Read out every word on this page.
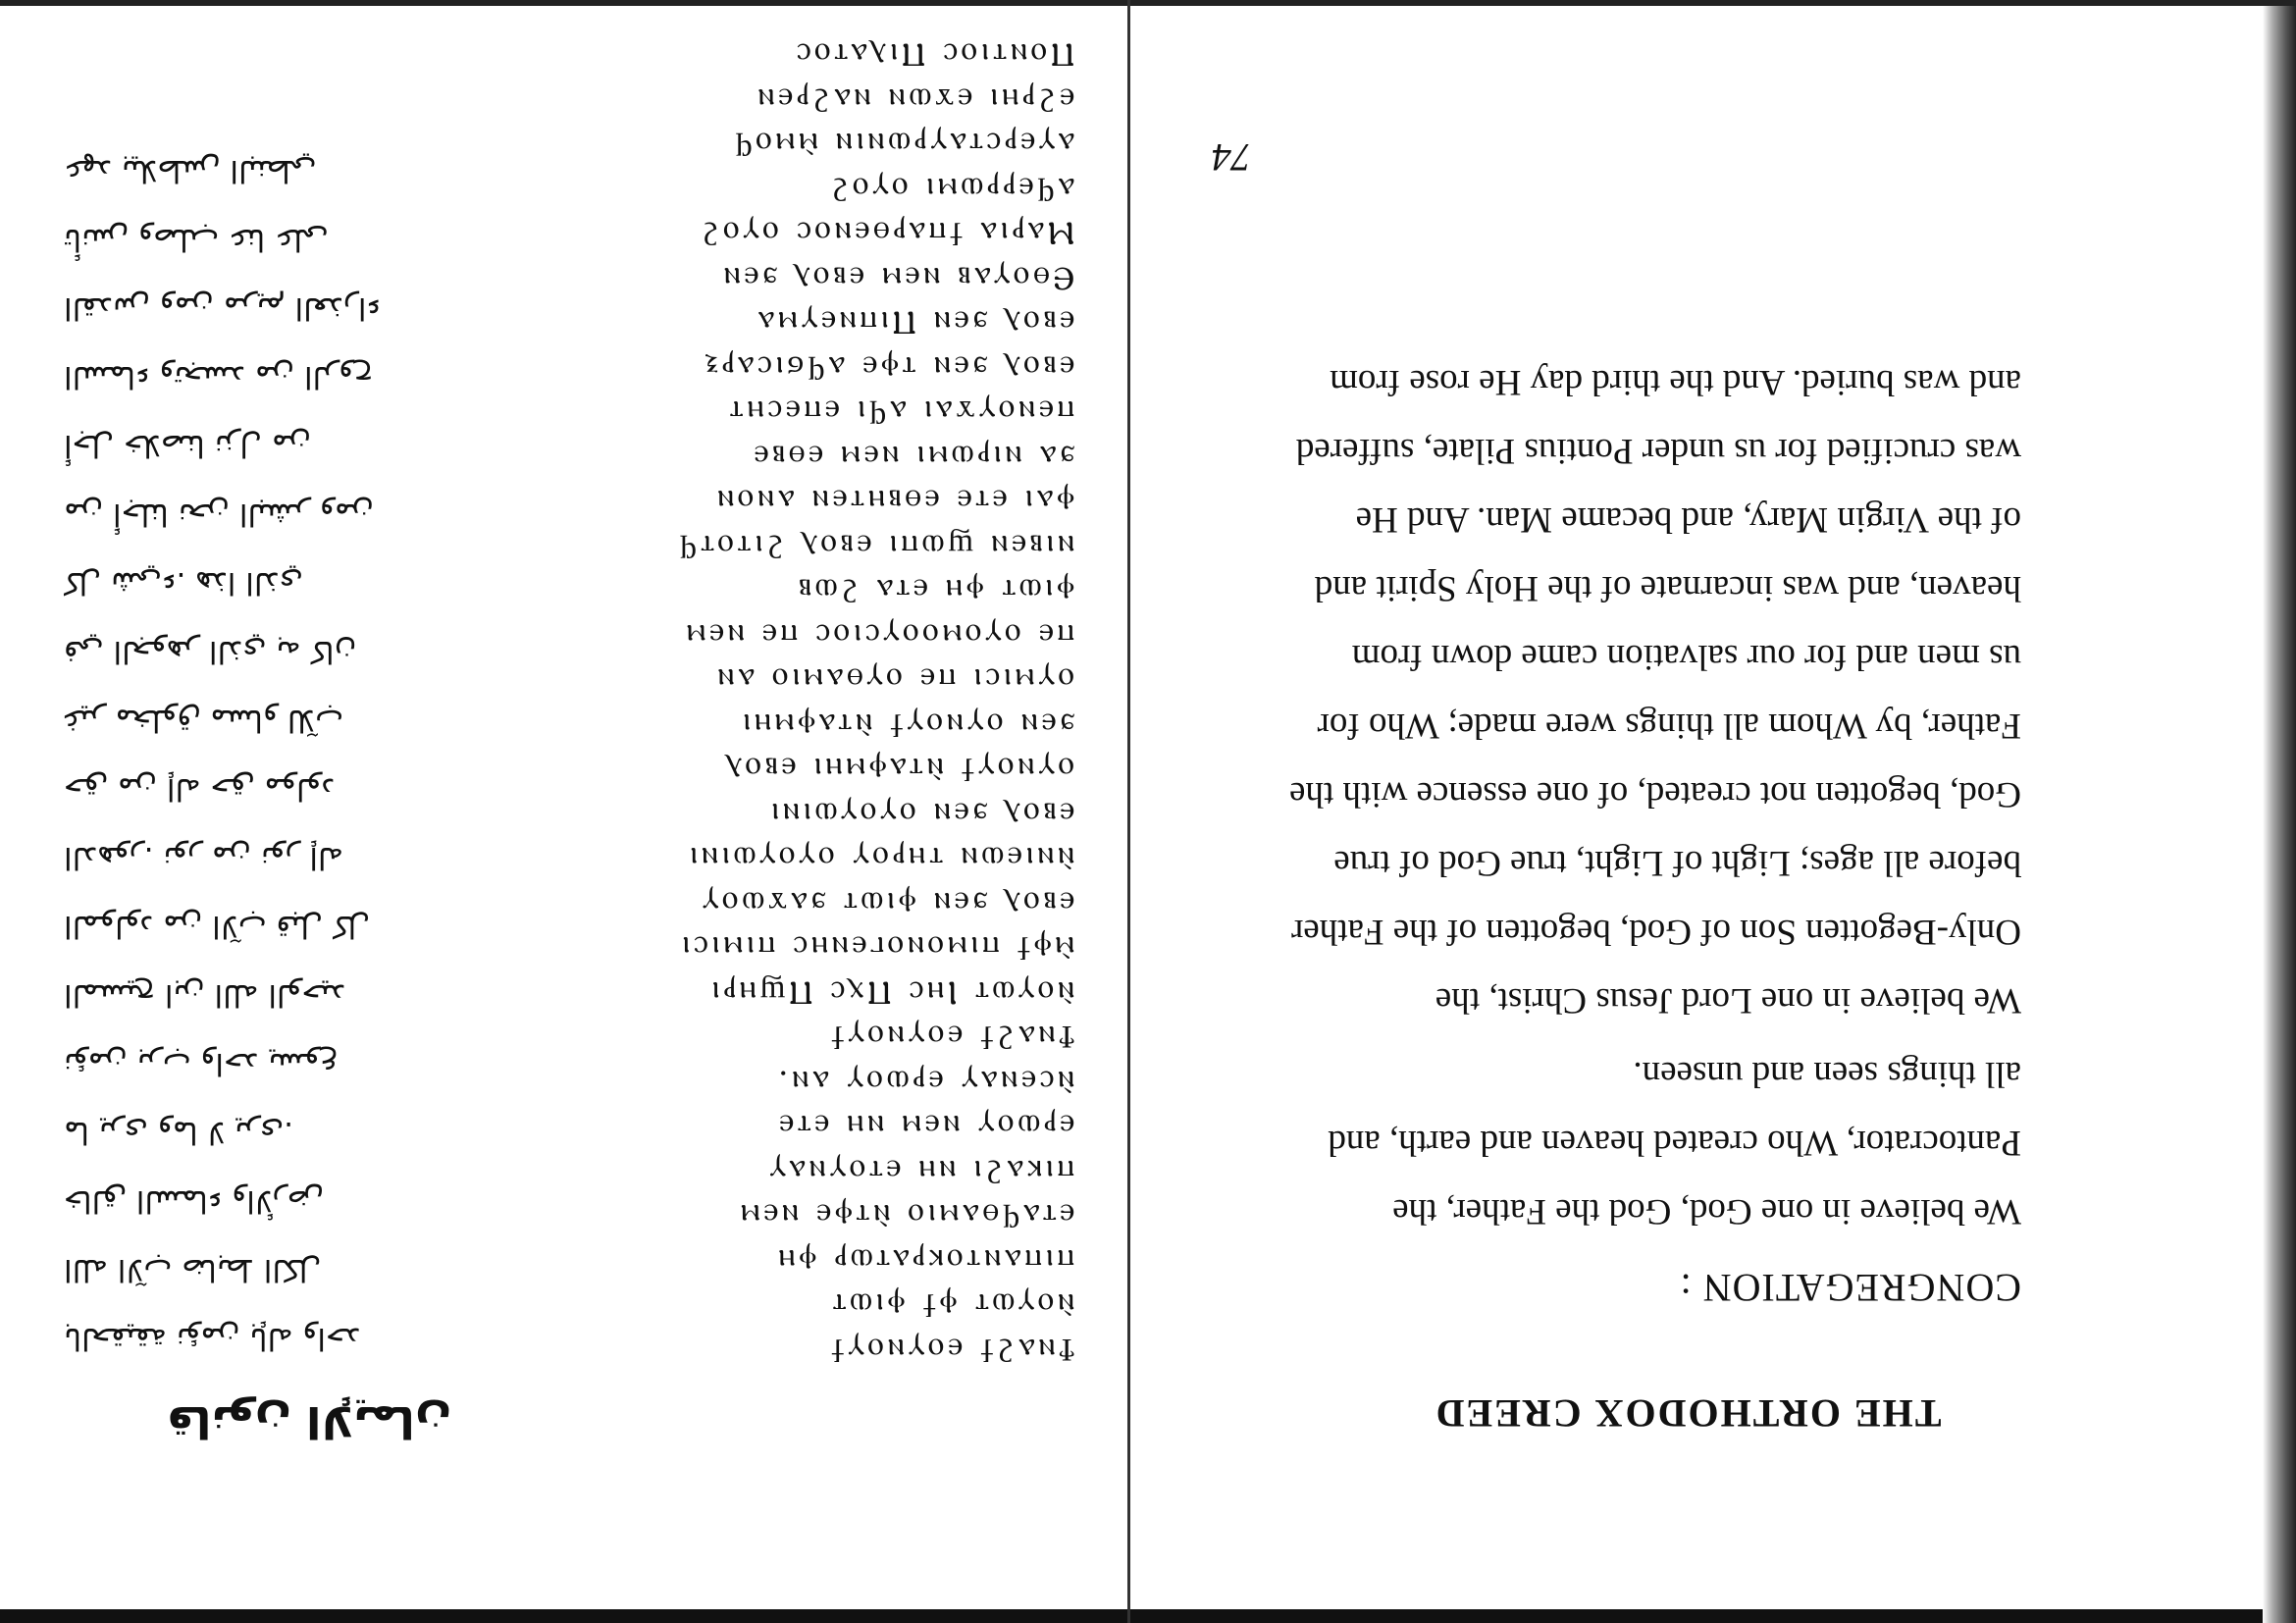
THE ORTHODOX CREED
CONGREGATION :
We believe in one God, God the Father, the
Pantocrator, Who created heaven and earth, and
all things seen and unseen.
We believe in one Lord Jesus Christ, the
Only-Begotten Son of God, begotten of the Father
before all ages; Light of Light, true God of true
God, begotten not created, of one essence with the
Father, by Whom all things were made; Who for
us men and for our salvation came down from
heaven, and was incarnate of the Holy Spirit and
of the Virgin Mary, and became Man. And He
was crucified for us under Pontius Pilate, suffered
and was buried. And the third day He rose from
74
قانون الإيمان
Ϯⲛⲁϩϯ ⲉⲟⲩⲛⲟⲩϯ
ⲛ̀ⲟⲩⲱⲧ ⲫϯ ⲫⲓⲱⲧ
ⲡⲓⲡⲁⲛⲧⲟⲕⲣⲁⲧⲱⲣ ⲫⲏ
ⲉⲧⲁϥⲑⲁⲙⲓⲟ ⲛ̀ⲧⲫⲉ ⲛⲉⲙ
ⲡⲓⲕⲁϩⲓ ⲛⲏ ⲉⲧⲟⲩⲛⲁⲩ
ⲉⲣⲱⲟⲩ ⲛⲉⲙ ⲛⲏ ⲉⲧⲉ
ⲛ̀ⲥⲉⲛⲁⲩ ⲉⲣⲱⲟⲩ ⲁⲛ.
Ϯⲛⲁϩϯ ⲉⲟⲩⲛⲟⲩϯ
ⲛ̀ⲟⲩⲱⲧ Ⲓⲏⲥ Ⲡⲭⲥ Ⲡϣⲏⲣⲓ
ⲙ̀ⲫϯ ⲡⲓⲙⲟⲛⲟⲅⲉⲛⲏⲥ ⲡⲓⲙⲓⲥⲓ
ⲉⲃⲟⲗ ϧⲉⲛ ⲫⲓⲱⲧ ϧⲁϫⲱⲟⲩ
ⲛ̀ⲛⲓⲉⲱⲛ ⲧⲏⲣⲟⲩ ⲟⲩⲟⲩⲱⲓⲛⲓ
ⲉⲃⲟⲗ ϧⲉⲛ ⲟⲩⲟⲩⲱⲓⲛⲓ
ⲟⲩⲛⲟⲩϯ ⲛ̀ⲧⲁⲫⲙⲏⲓ ⲉⲃⲟⲗ
ϧⲉⲛ ⲟⲩⲛⲟⲩϯ ⲛ̀ⲧⲁⲫⲙⲏⲓ
ⲟⲩⲙⲓⲥⲓ ⲡⲉ ⲟⲩⲑⲁⲙⲓⲟ ⲁⲛ
ⲡⲉ ⲟⲩⲟⲙⲟⲟⲩⲥⲓⲟⲥ ⲡⲉ ⲛⲉⲙ
ⲫⲓⲱⲧ ⲫⲏ ⲉⲧⲁ ϩⲱⲃ
ⲛⲓⲃⲉⲛ ϣⲱⲡⲓ ⲉⲃⲟⲗ ϩⲓⲧⲟⲧϥ
ⲫⲁⲓ ⲉⲧⲉ ⲉⲑⲃⲏⲧⲉⲛ ⲁⲛⲟⲛ
ϧⲁ ⲛⲓⲣⲱⲙⲓ ⲛⲉⲙ ⲉⲑⲃⲉ
ⲡⲉⲛⲟⲩϫⲁⲓ ⲁϥⲓ ⲉⲡⲉⲥⲏⲧ
ⲉⲃⲟⲗ ϧⲉⲛ ⲧⲫⲉ ⲁϥϭⲓⲥⲁⲣⲝ
ⲉⲃⲟⲗ ϧⲉⲛ Ⲡⲓⲡⲛⲉⲩⲙⲁ
Ⲉⲑⲟⲩⲁⲃ ⲛⲉⲙ ⲉⲃⲟⲗ ϧⲉⲛ
Ⲙⲁⲣⲓⲁ ϯⲡⲁⲣⲑⲉⲛⲟⲥ ⲟⲩⲟϩ
ⲁϥⲉⲣⲣⲱⲙⲓ ⲟⲩⲟϩ
ⲁⲩⲉⲣⲥⲧⲁⲩⲣⲱⲛⲓⲛ ⲙ̀ⲙⲟϥ
ⲉϩⲣⲏⲓ ⲉϫⲱⲛ ⲛⲁϩⲣⲉⲛ
Ⲡⲟⲛⲧⲓⲟⲥ Ⲡⲓⲗⲁⲧⲟⲥ
بالحقيقة نؤمن بإله واحد
الله الآب ضابط الكل
خالق السماء والأرض
ما يرى وما لا يرى.
نؤمن برب واحد يسوع
المسيح ابن الله الوحيد
المولود من الآب قبل كل
الدهور. نور من نور إله
حق من إله حق مولود
غير مخلوق مساو للآب
في الجوهر الذي به كان
كل شيء. هذا الذي
من أجلنا نحن البشر ومن
أجل خلاصنا نزل من
السماء وتجسد من الروح
القدس ومن مريم العذراء
تأنس وصلب عنا على
عهد بيلاطس البنطي
